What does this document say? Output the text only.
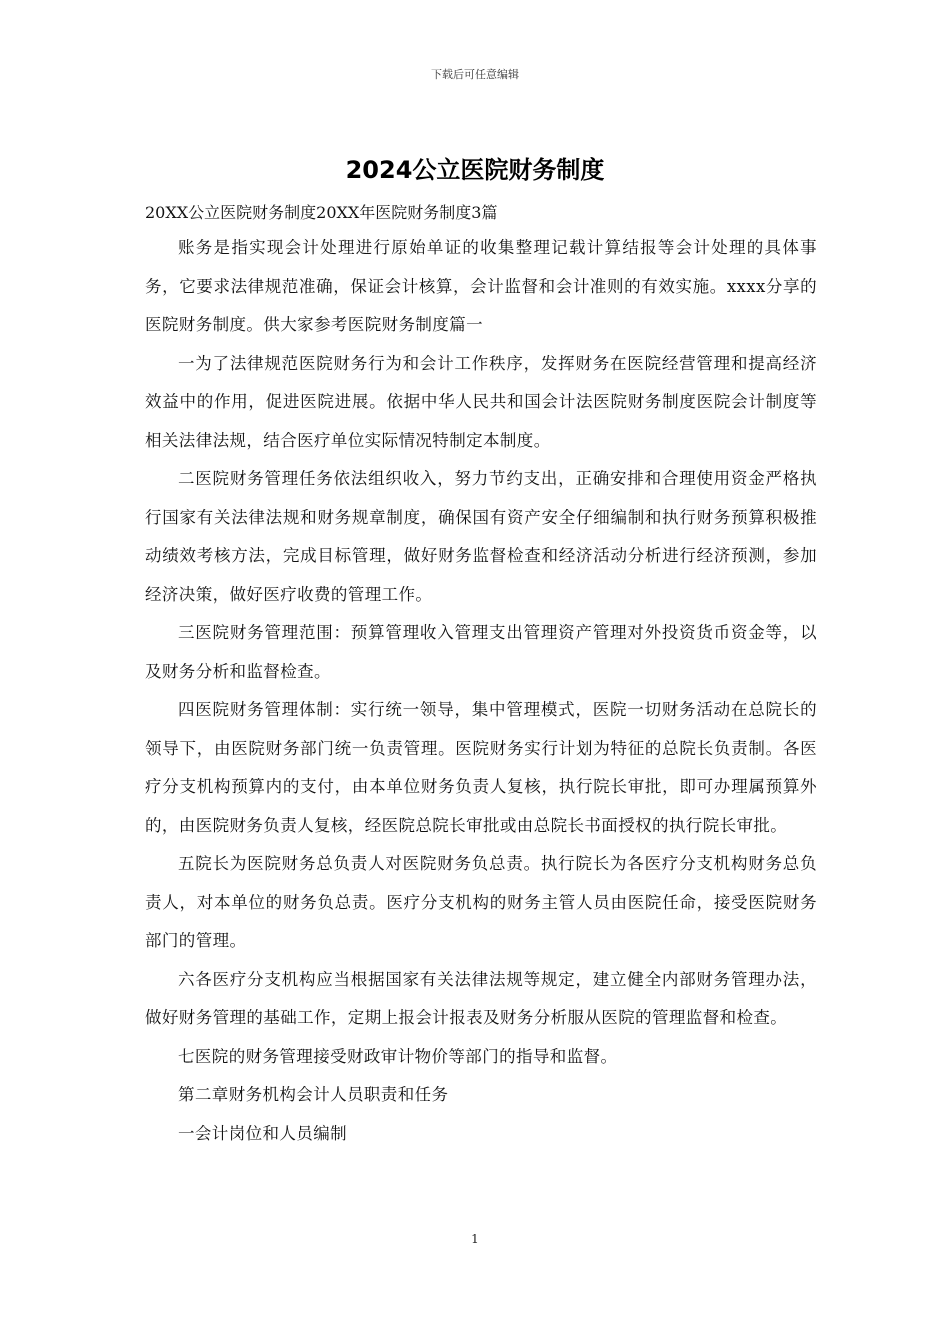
下载后可任意编辑
2024公立医院财务制度

20XX公立医院财务制度20XX年医院财务制度3篇

账务是指实现会计处理进行原始单证的收集整理记载计算结报等会计处理的具体事务，它要求法律规范准确，保证会计核算，会计监督和会计准则的有效实施。xxxx分享的医院财务制度。供大家参考医院财务制度篇一

一为了法律规范医院财务行为和会计工作秩序，发挥财务在医院经营管理和提高经济效益中的作用，促进医院进展。依据中华人民共和国会计法医院财务制度医院会计制度等相关法律法规，结合医疗单位实际情况特制定本制度。

二医院财务管理任务依法组织收入，努力节约支出，正确安排和合理使用资金严格执行国家有关法律法规和财务规章制度，确保国有资产安全仔细编制和执行财务预算积极推动绩效考核方法，完成目标管理，做好财务监督检查和经济活动分析进行经济预测，参加经济决策，做好医疗收费的管理工作。

三医院财务管理范围：预算管理收入管理支出管理资产管理对外投资货币资金等，以及财务分析和监督检查。

四医院财务管理体制：实行统一领导，集中管理模式，医院一切财务活动在总院长的领导下，由医院财务部门统一负责管理。医院财务实行计划为特征的总院长负责制。各医疗分支机构预算内的支付，由本单位财务负责人复核，执行院长审批，即可办理属预算外的，由医院财务负责人复核，经医院总院长审批或由总院长书面授权的执行院长审批。

五院长为医院财务总负责人对医院财务负总责。执行院长为各医疗分支机构财务总负责人，对本单位的财务负总责。医疗分支机构的财务主管人员由医院任命，接受医院财务部门的管理。

六各医疗分支机构应当根据国家有关法律法规等规定，建立健全内部财务管理办法，做好财务管理的基础工作，定期上报会计报表及财务分析服从医院的管理监督和检查。

七医院的财务管理接受财政审计物价等部门的指导和监督。

第二章财务机构会计人员职责和任务

一会计岗位和人员编制

1
